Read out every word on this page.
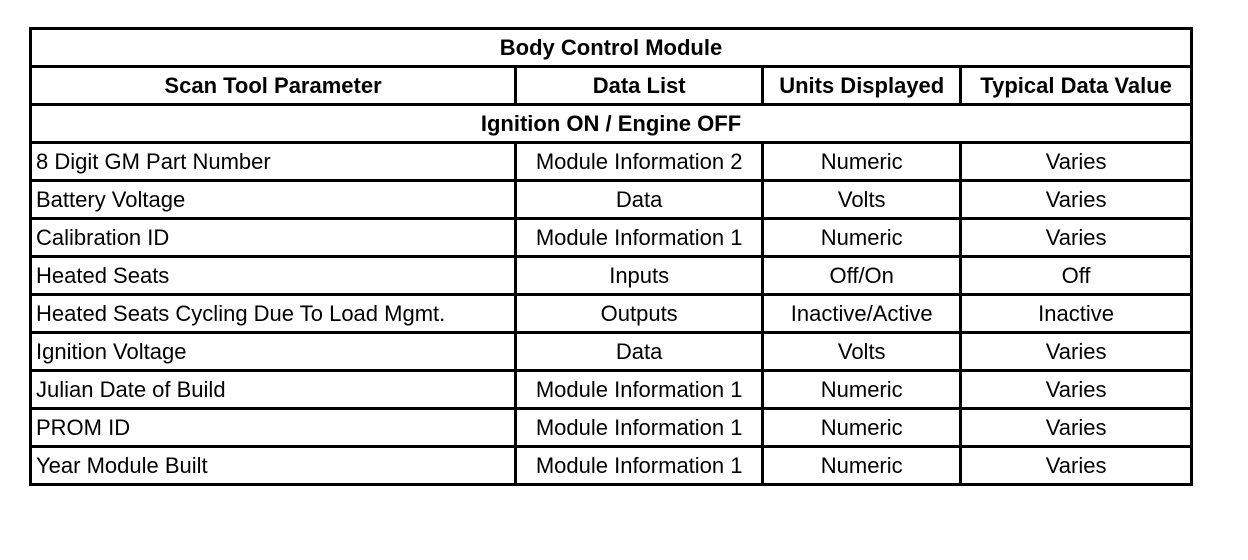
Body Control Module			
Scan Tool Parameter	Data List	Units Displayed	Typical Data Value
Ignition ON / Engine OFF			
8 Digit GM Part Number	Module Information 2	Numeric	Varies
Battery Voltage	Data	Volts	Varies
Calibration ID	Module Information 1	Numeric	Varies
Heated Seats	Inputs	Off/On	Off
Heated Seats Cycling Due To Load Mgmt.	Outputs	Inactive/Active	Inactive
Ignition Voltage	Data	Volts	Varies
Julian Date of Build	Module Information 1	Numeric	Varies
PROM ID	Module Information 1	Numeric	Varies
Year Module Built	Module Information 1	Numeric	Varies
